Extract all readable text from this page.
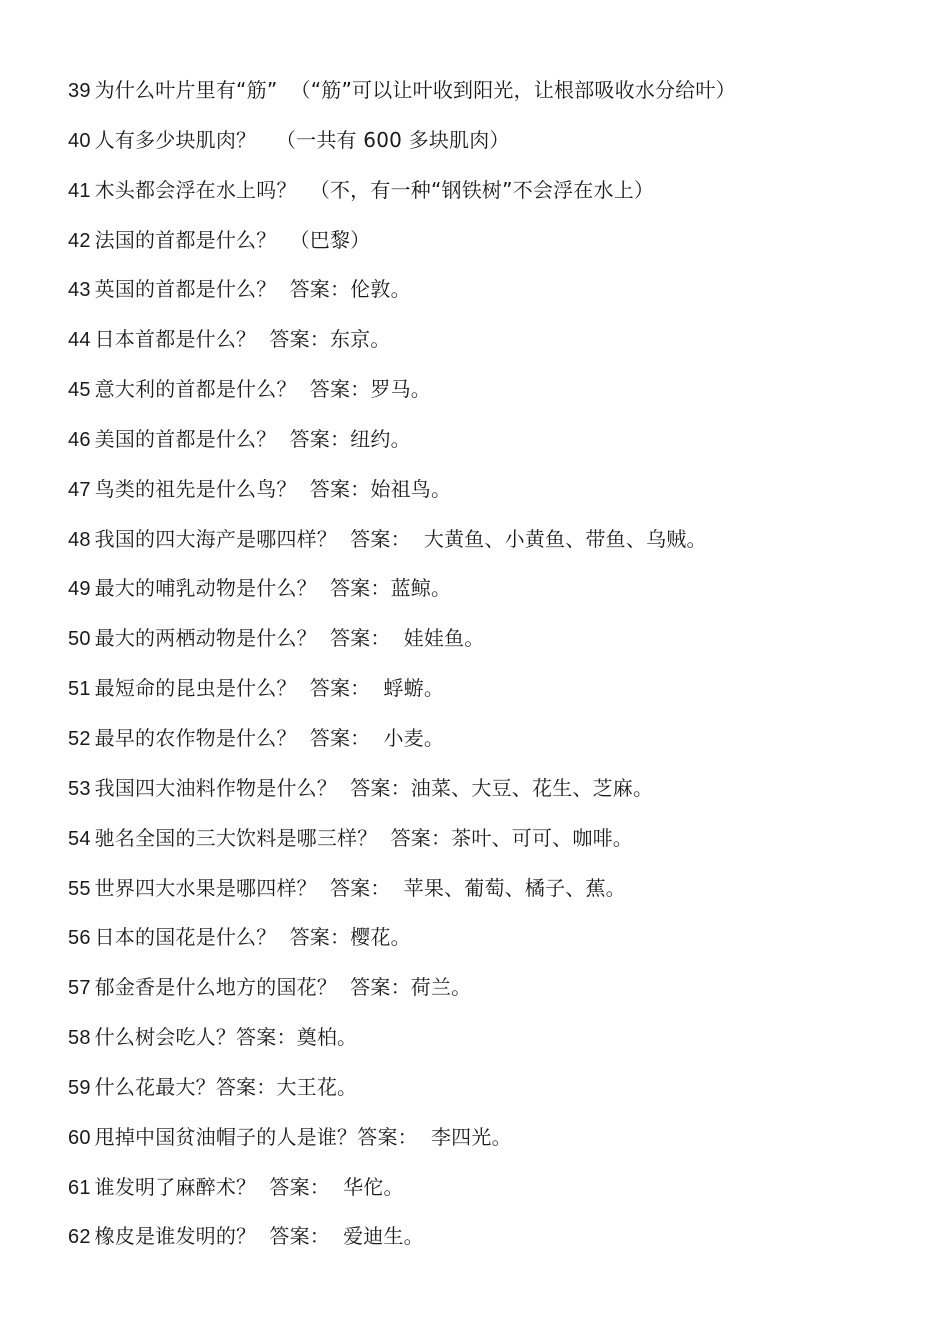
39 为什么叶片里有“筋”  （“筋”可以让叶收到阳光，让根部吸收水分给叶）
40 人有多少块肌肉？   （一共有 600 多块肌肉）
41 木头都会浮在水上吗？  （不，有一种“钢铁树”不会浮在水上）
42 法国的首都是什么？  （巴黎）
43 英国的首都是什么？  答案：伦敦。
44 日本首都是什么？  答案：东京。
45 意大利的首都是什么？  答案：罗马。
46 美国的首都是什么？  答案：纽约。
47 鸟类的祖先是什么鸟？  答案：始祖鸟。
48 我国的四大海产是哪四样？  答案：  大黄鱼、小黄鱼、带鱼、乌贼。
49 最大的哺乳动物是什么？  答案：蓝鲸。
50 最大的两栖动物是什么？  答案：  娃娃鱼。
51 最短命的昆虫是什么？  答案：  蜉蝣。
52 最早的农作物是什么？  答案：  小麦。
53 我国四大油料作物是什么？  答案：油菜、大豆、花生、芝麻。
54 驰名全国的三大饮料是哪三样？  答案：茶叶、可可、咖啡。
55 世界四大水果是哪四样？  答案：  苹果、葡萄、橘子、蕉。
56 日本的国花是什么？  答案：樱花。
57 郁金香是什么地方的国花？  答案：荷兰。
58 什么树会吃人？答案：奠柏。
59 什么花最大？答案：大王花。
60 甩掉中国贫油帽子的人是谁？答案：  李四光。
61 谁发明了麻醉术？  答案：  华佗。
62 橡皮是谁发明的？  答案：  爱迪生。
